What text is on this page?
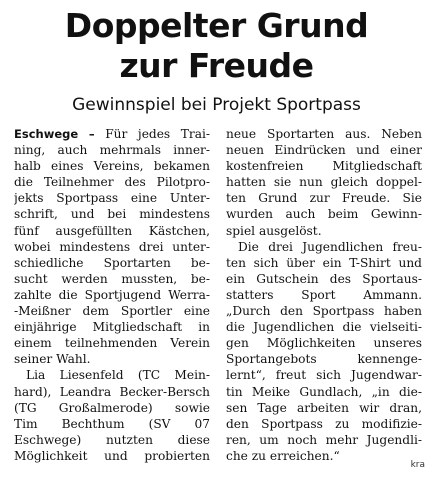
Doppelter Grund
zur Freude
Gewinnspiel bei Projekt Sportpass
Eschwege – Für jedes Trai-
ning, auch mehrmals inner-
halb eines Vereins, bekamen
die Teilnehmer des Pilotpro-
jekts Sportpass eine Unter-
schrift, und bei mindestens
fünf ausgefüllten Kästchen,
wobei mindestens drei unter-
schiedliche Sportarten be-
sucht werden mussten, be-
zahlte die Sportjugend Werra-
-Meißner dem Sportler eine
einjährige Mitgliedschaft in
einem teilnehmenden Verein
seiner Wahl.
Lia Liesenfeld (TC Mein-
hard), Leandra Becker-Bersch
(TG Großalmerode) sowie
Tim Bechthum (SV 07
Eschwege) nutzten diese
Möglichkeit und probierten
neue Sportarten aus. Neben
neuen Eindrücken und einer
kostenfreien Mitgliedschaft
hatten sie nun gleich doppel-
ten Grund zur Freude. Sie
wurden auch beim Gewinn-
spiel ausgelöst.
Die drei Jugendlichen freu-
ten sich über ein T-Shirt und
ein Gutschein des Sportaus-
statters Sport Ammann.
„Durch den Sportpass haben
die Jugendlichen die vielseiti-
gen Möglichkeiten unseres
Sportangebots kennenge-
lernt“, freut sich Jugendwar-
tin Meike Gundlach, „in die-
sen Tage arbeiten wir dran,
den Sportpass zu modifizie-
ren, um noch mehr Jugendli-
che zu erreichen.“
kra
